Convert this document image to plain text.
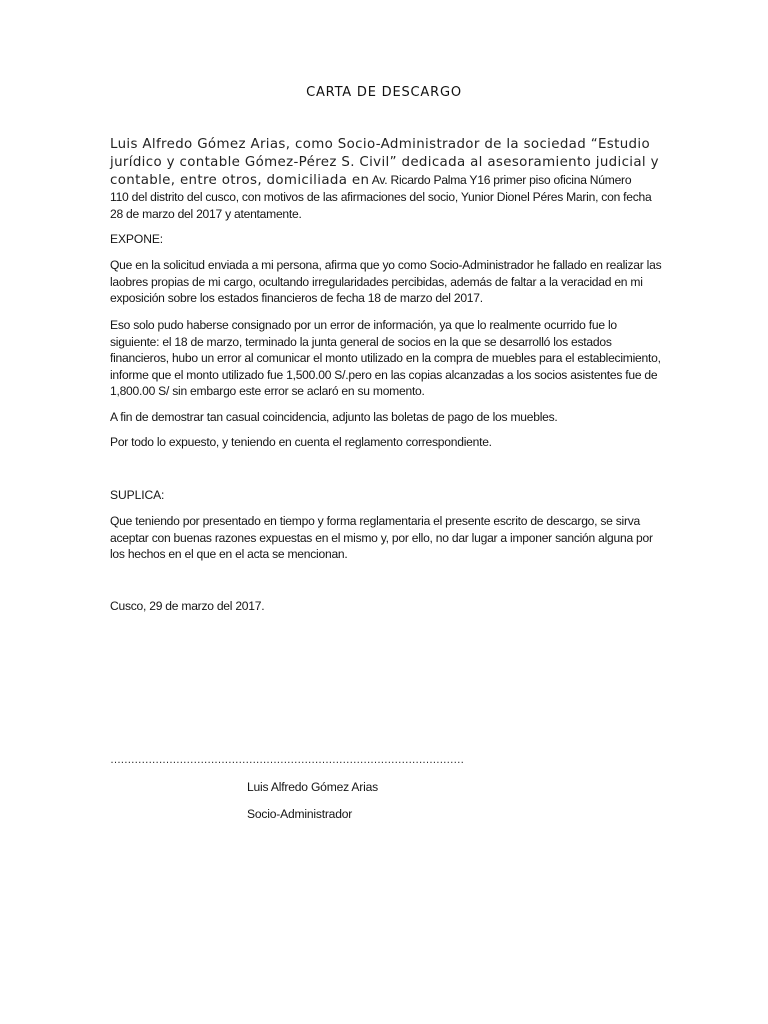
CARTA DE DESCARGO

Luis Alfredo Gómez Arias, como Socio-Administrador de la sociedad “Estudio jurídico y contable Gómez-Pérez S. Civil” dedicada al asesoramiento judicial y contable, entre otros, domiciliada en Av. Ricardo Palma Y16 primer piso oficina Número
110 del distrito del cusco, con motivos de las afirmaciones del socio, Yunior Dionel Péres Marin, con fecha 28 de marzo del 2017 y atentamente.

EXPONE:

Que en la solicitud enviada a mi persona, afirma que yo como Socio-Administrador he fallado en realizar las laobres propias de mi cargo, ocultando irregularidades percibidas, además de faltar a la veracidad en mi exposición sobre los estados financieros de fecha 18 de marzo del 2017.

Eso solo pudo haberse consignado por un error de información, ya que lo realmente ocurrido fue lo siguiente: el 18 de marzo, terminado la junta general de socios en la que se desarrolló los estados financieros, hubo un error al comunicar el monto utilizado en la compra de muebles para el establecimiento, informe que el monto utilizado fue 1,500.00 S/.pero en las copias alcanzadas a los socios asistentes fue de 1,800.00 S/ sin embargo este error se aclaró en su momento.

A fin de demostrar tan casual coincidencia, adjunto las boletas de pago de los muebles.

Por todo lo expuesto, y teniendo en cuenta el reglamento correspondiente.

SUPLICA:

Que teniendo por presentado en tiempo y forma reglamentaria el presente escrito de descargo, se sirva aceptar con buenas razones expuestas en el mismo y, por ello, no dar lugar a imponer sanción alguna por los hechos en el que en el acta se mencionan.

Cusco, 29 de marzo del 2017.
…………………………………………………………………………………………
Luis Alfredo Gómez Arias
Socio-Administrador
